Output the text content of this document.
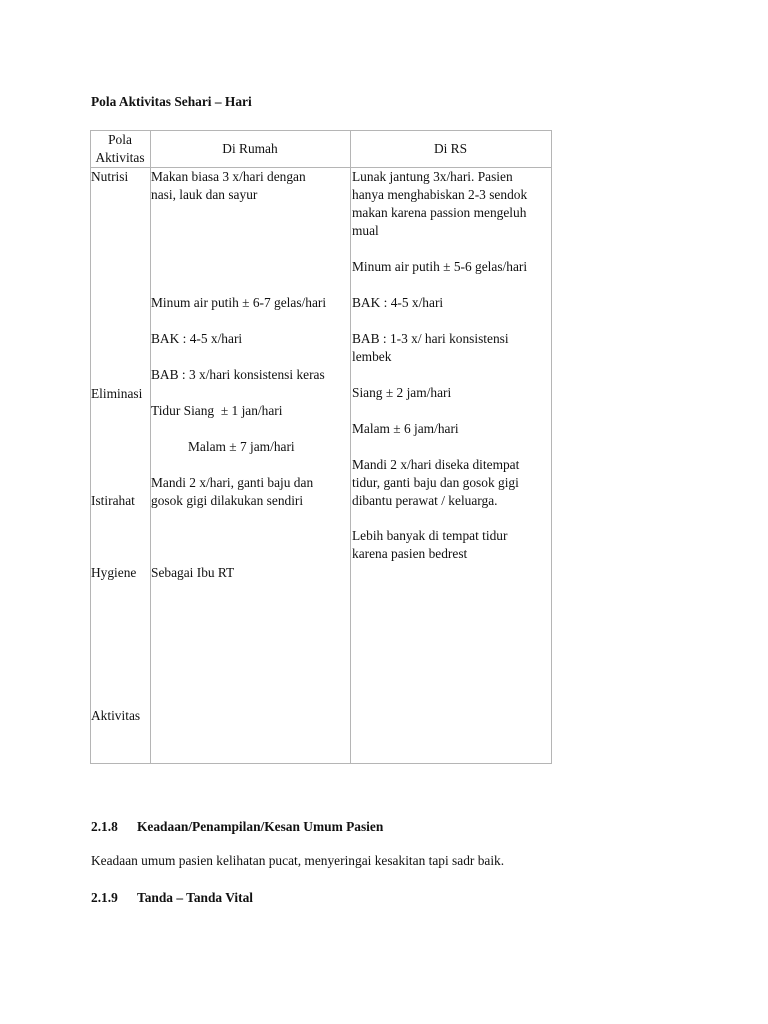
Pola Aktivitas Sehari – Hari
Pola
Aktivitas
Di Rumah	Di RS
Nutrisi
Eliminasi
Istirahat
Hygiene
Aktivitas
Makan biasa 3 x/hari dengan
nasi, lauk dan sayur
Minum air putih ± 6-7 gelas/hari
BAK : 4-5 x/hari
BAB : 3 x/hari konsistensi keras
Tidur Siang  ± 1 jan/hari
Malam ± 7 jam/hari
Mandi 2 x/hari, ganti baju dan
gosok gigi dilakukan sendiri
Sebagai Ibu RT
Lunak jantung 3x/hari. Pasien
hanya menghabiskan 2-3 sendok
makan karena passion mengeluh
mual
Minum air putih ± 5-6 gelas/hari
BAK : 4-5 x/hari
BAB : 1-3 x/ hari konsistensi
lembek
Siang ± 2 jam/hari
Malam ± 6 jam/hari
Mandi 2 x/hari diseka ditempat
tidur, ganti baju dan gosok gigi
dibantu perawat / keluarga.
Lebih banyak di tempat tidur
karena pasien bedrest
2.1.8 Keadaan/Penampilan/Kesan Umum Pasien
Keadaan umum pasien kelihatan pucat, menyeringai kesakitan tapi sadr baik.
2.1.9 Tanda – Tanda Vital
